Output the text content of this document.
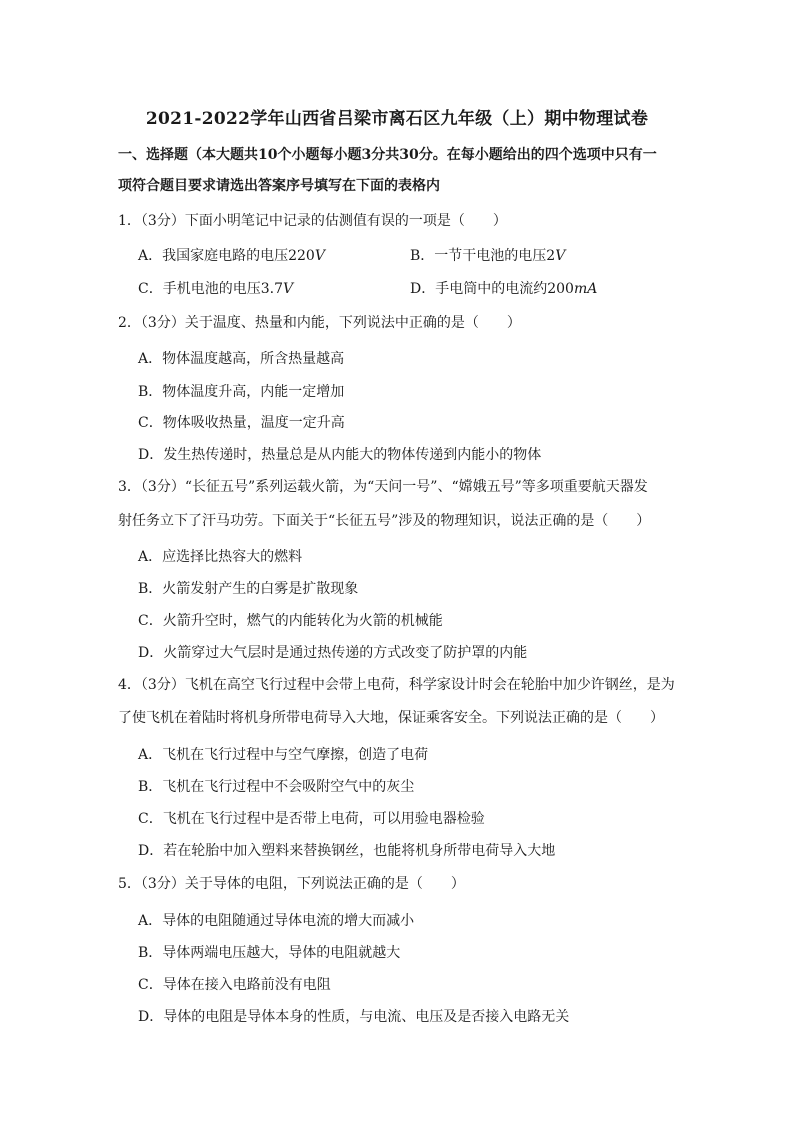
2021-2022学年山西省吕梁市离石区九年级（上）期中物理试卷
一、选择题（本大题共10个小题每小题3分共30分。在每小题给出的四个选项中只有一
项符合题目要求请选出答案序号填写在下面的表格内
1．（3分）下面小明笔记中记录的估测值有误的一项是（　　）
A．我国家庭电路的电压220V	B．一节干电池的电压2V
C．手机电池的电压3.7V	D．手电筒中的电流约200mA
2．（3分）关于温度、热量和内能，下列说法中正确的是（　　）
A．物体温度越高，所含热量越高
B．物体温度升高，内能一定增加
C．物体吸收热量，温度一定升高
D．发生热传递时，热量总是从内能大的物体传递到内能小的物体
3．（3分）“长征五号”系列运载火箭，为“天问一号”、“嫦娥五号”等多项重要航天器发
射任务立下了汗马功劳。下面关于“长征五号”涉及的物理知识，说法正确的是（　　）
A．应选择比热容大的燃料
B．火箭发射产生的白雾是扩散现象
C．火箭升空时，燃气的内能转化为火箭的机械能
D．火箭穿过大气层时是通过热传递的方式改变了防护罩的内能
4．（3分）飞机在高空飞行过程中会带上电荷，科学家设计时会在轮胎中加少许钢丝，是为
了使飞机在着陆时将机身所带电荷导入大地，保证乘客安全。下列说法正确的是（　　）
A．飞机在飞行过程中与空气摩擦，创造了电荷
B．飞机在飞行过程中不会吸附空气中的灰尘
C．飞机在飞行过程中是否带上电荷，可以用验电器检验
D．若在轮胎中加入塑料来替换钢丝，也能将机身所带电荷导入大地
5．（3分）关于导体的电阻，下列说法正确的是（　　）
A．导体的电阻随通过导体电流的增大而减小
B．导体两端电压越大，导体的电阻就越大
C．导体在接入电路前没有电阻
D．导体的电阻是导体本身的性质，与电流、电压及是否接入电路无关
